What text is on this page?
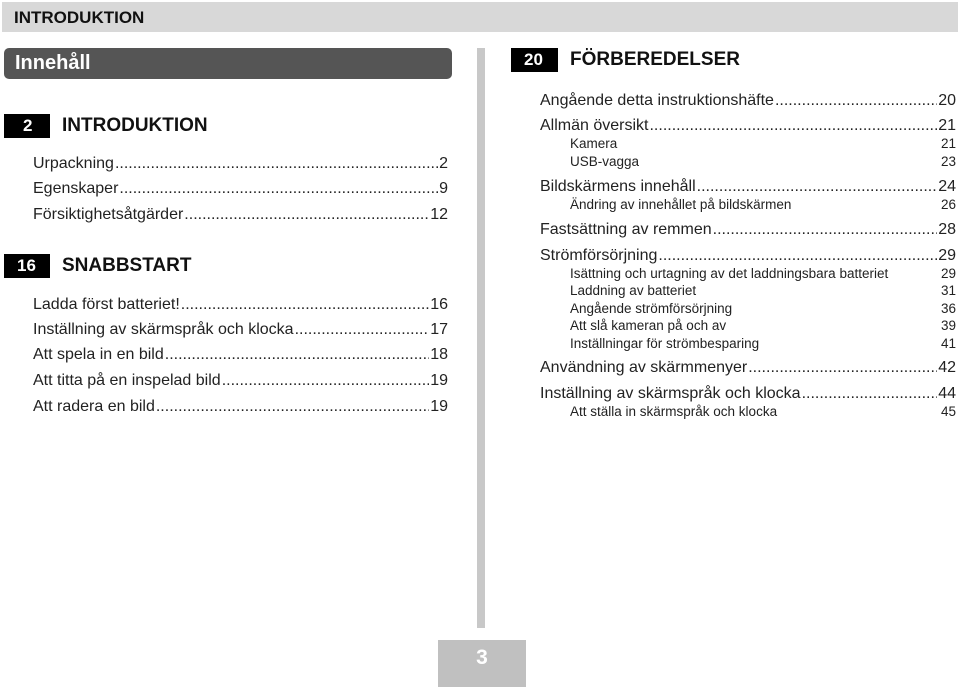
INTRODUKTION
Innehåll
2	INTRODUKTION
Urpackning .....	2
Egenskaper .....	9
Försiktighetsåtgärder .....	12
16	SNABBSTART
Ladda först batteriet! .....	16
Inställning av skärmspråk och klocka .....	17
Att spela in en bild .....	18
Att titta på en inspelad bild .....	19
Att radera en bild .....	19
20	FÖRBEREDELSER
Angående detta instruktionshäfte .....	20
Allmän översikt .....	21
Kamera	21
USB-vagga	23
Bildskärmens innehåll .....	24
Ändring av innehållet på bildskärmen	26
Fastsättning av remmen .....	28
Strömförsörjning .....	29
Isättning och urtagning av det laddningsbara batteriet	29
Laddning av batteriet	31
Angående strömförsörjning	36
Att slå kameran på och av	39
Inställningar för strömbesparing	41
Användning av skärmmenyer .....	42
Inställning av skärmspråk och klocka .....	44
Att ställa in skärmspråk och klocka	45
3
